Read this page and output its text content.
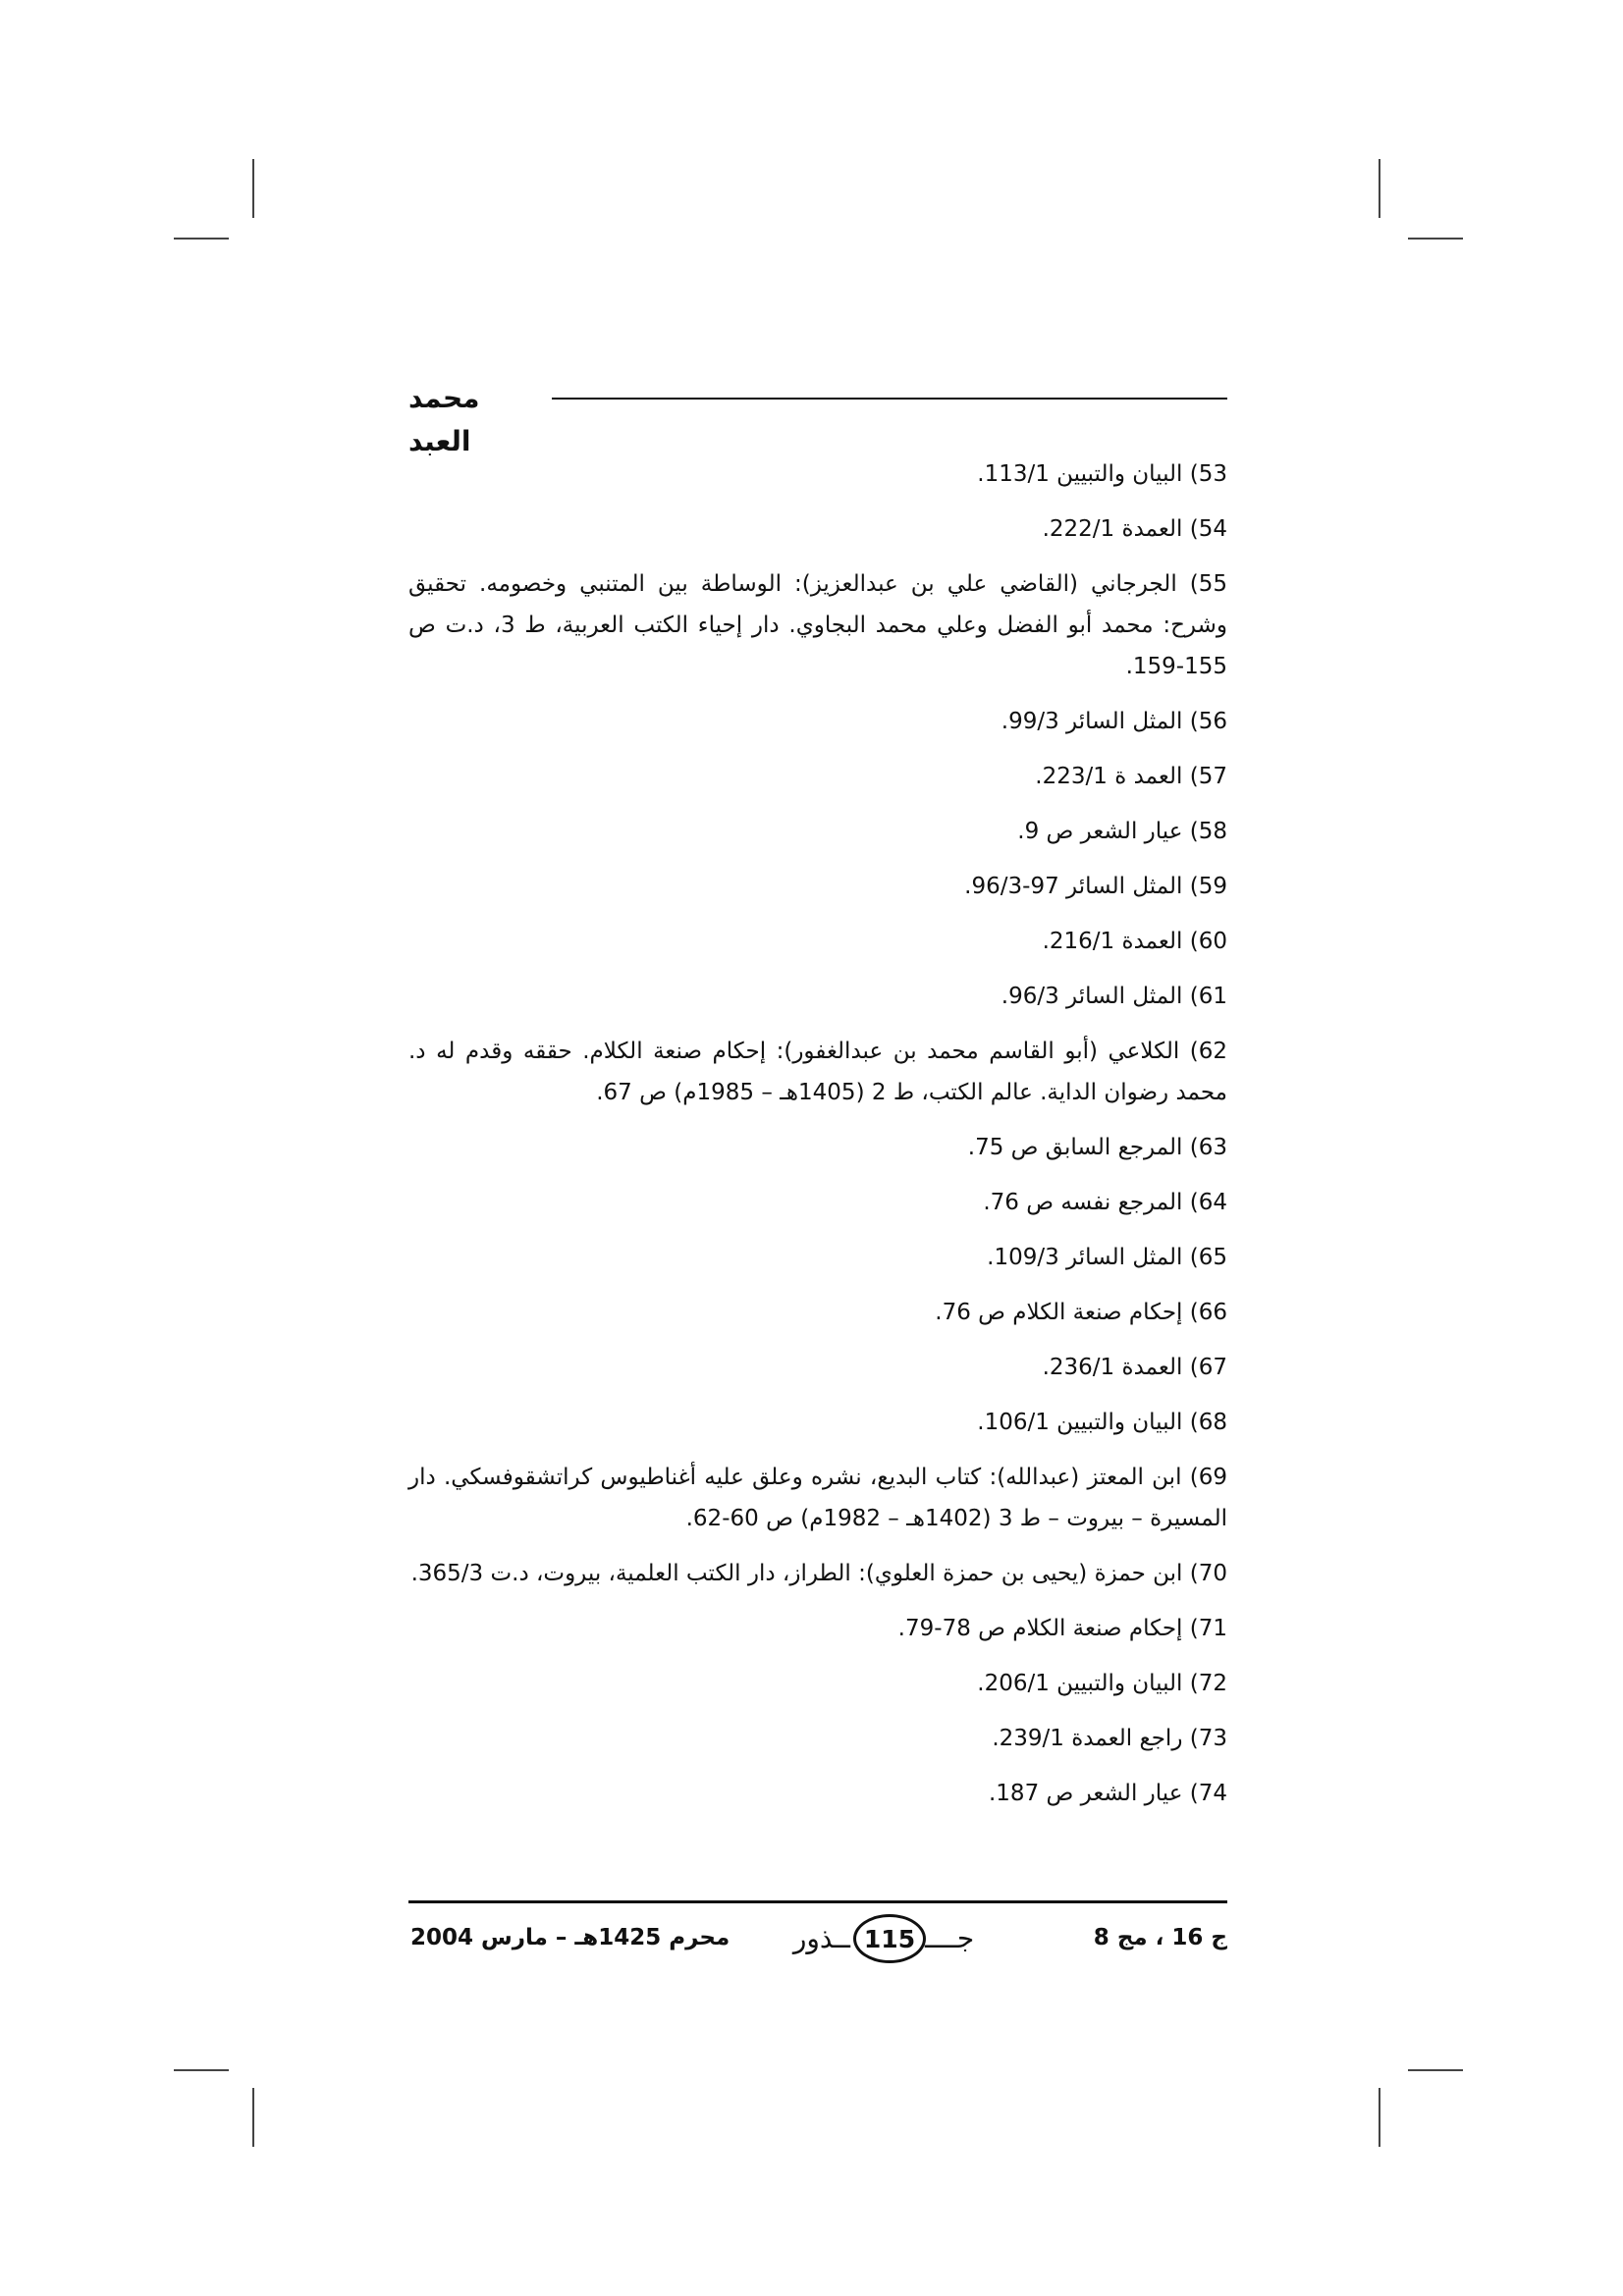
محمد العبد

53) البيان والتبيين 113/1.

54) العمدة 222/1.

55) الجرجاني (القاضي علي بن عبدالعزيز): الوساطة بين المتنبي وخصومه. تحقيق وشرح: محمد أبو الفضل وعلي محمد البجاوي. دار إحياء الكتب العربية، ط 3، د.ت ص 155-159.

56) المثل السائر 99/3.

57) العمد ة 223/1.

58) عيار الشعر ص 9.

59) المثل السائر 97-96/3.

60) العمدة 216/1.

61) المثل السائر 96/3.

62) الكلاعي (أبو القاسم محمد بن عبدالغفور): إحكام صنعة الكلام. حققه وقدم له د. محمد رضوان الداية. عالم الكتب، ط 2 (1405هـ – 1985م) ص 67.

63) المرجع السابق ص 75.

64) المرجع نفسه ص 76.

65) المثل السائر 109/3.

66) إحكام صنعة الكلام ص 76.

67) العمدة 236/1.

68) البيان والتبيين 106/1.

69) ابن المعتز (عبدالله): كتاب البديع، نشره وعلق عليه أغناطيوس كراتشقوفسكي. دار المسيرة – بيروت – ط 3 (1402هـ – 1982م) ص 60-62.

70) ابن حمزة (يحيى بن حمزة العلوي): الطراز، دار الكتب العلمية، بيروت، د.ت 365/3.

71) إحكام صنعة الكلام ص 78-79.

72) البيان والتبيين 206/1.

73) راجع العمدة 239/1.

74) عيار الشعر ص 187.

ج 16 ، مج 8
جــــ
115
ــذور
محرم 1425هـ – مارس 2004
